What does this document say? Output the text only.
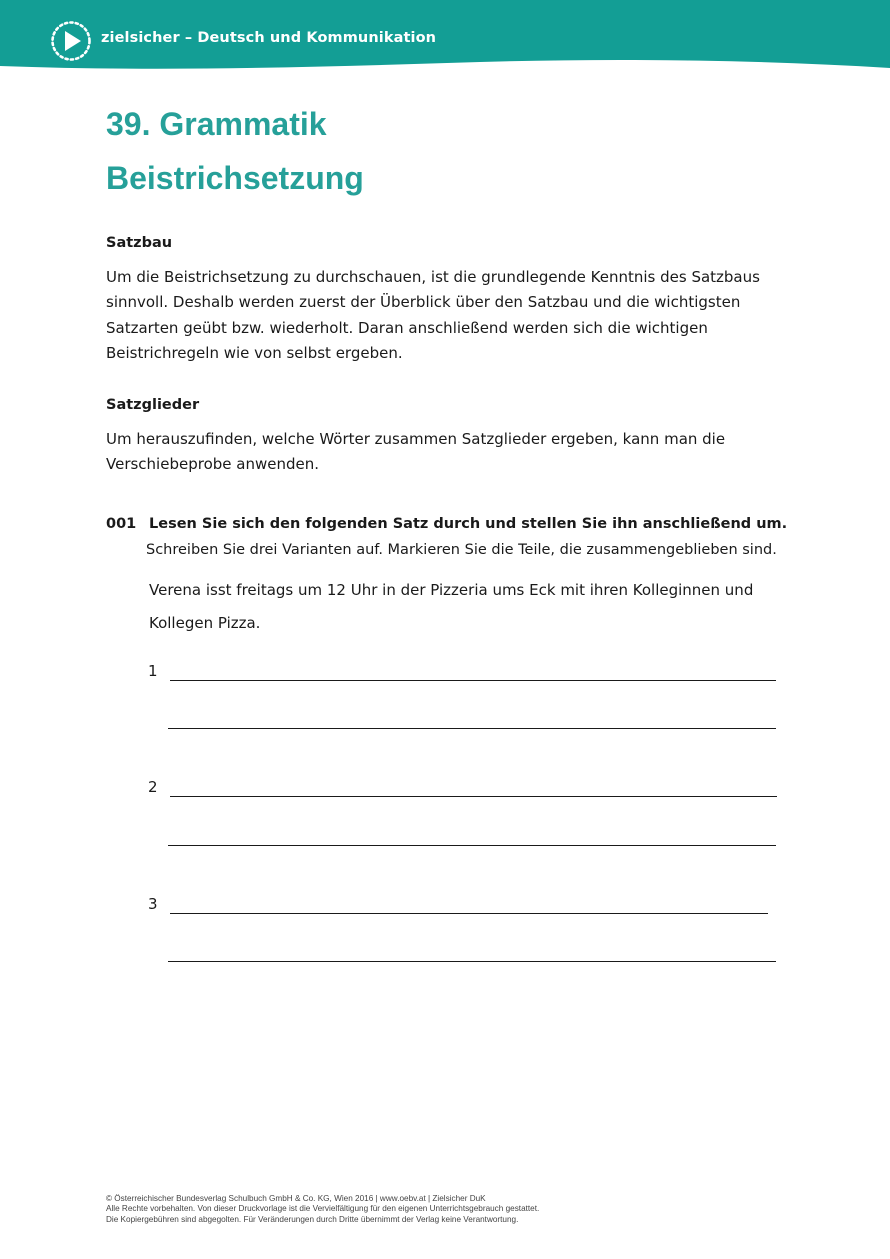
zielsicher – Deutsch und Kommunikation
39. Grammatik
Beistrichsetzung
Satzbau

Um die Beistrichsetzung zu durchschauen, ist die grundlegende Kenntnis des Satzbaus
sinnvoll. Deshalb werden zuerst der Überblick über den Satzbau und die wichtigsten
Satzarten geübt bzw. wiederholt. Daran anschließend werden sich die wichtigen
Beistrichregeln wie von selbst ergeben.

Satzglieder

Um herauszufinden, welche Wörter zusammen Satzglieder ergeben, kann man die
Verschiebeprobe anwenden.

001 Lesen Sie sich den folgenden Satz durch und stellen Sie ihn anschließend um.
Schreiben Sie drei Varianten auf. Markieren Sie die Teile, die zusammengeblieben sind.

Verena isst freitags um 12 Uhr in der Pizzeria ums Eck mit ihren Kolleginnen und

Kollegen Pizza.

1
2
3
© Österreichischer Bundesverlag Schulbuch GmbH & Co. KG, Wien 2016 | www.oebv.at | Zielsicher DuK
Alle Rechte vorbehalten. Von dieser Druckvorlage ist die Vervielfältigung für den eigenen Unterrichtsgebrauch gestattet.
Die Kopiergebühren sind abgegolten. Für Veränderungen durch Dritte übernimmt der Verlag keine Verantwortung.
